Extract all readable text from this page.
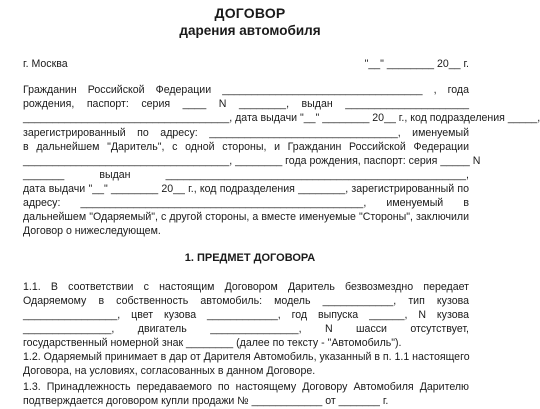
ДОГОВОР
дарения автомобиля
г. Москва	"__" ________ 20__ г.
Гражданин Российской Федерации __________________________________ , года
рождения, паспорт: серия ____ N ________, выдан _____________________
___________________________________, дата выдачи "__" ________ 20__ г., код подразделения _____,
зарегистрированный по адресу: ________________________________, именуемый
в дальнейшем "Даритель", с одной стороны, и Гражданин Российской Федерации
___________________________________, ________ года рождения, паспорт: серия _____ N
_______ выдан ___________________________________________________,
дата выдачи "__" ________ 20__ г., код подразделения ________, зарегистрированный по
адресу: ________________________________________________, именуемый в
дальнейшем "Одаряемый", с другой стороны, а вместе именуемые "Стороны", заключили
Договор о нижеследующем.
1. ПРЕДМЕТ ДОГОВОРА
1.1. В соответствии с настоящим Договором Даритель безвозмездно передает
Одаряемому в собственность автомобиль: модель ____________, тип кузова
________________, цвет кузова ____________, год выпуска ______, N кузова
_______________, двигатель _______________, N шасси отсутствует,
государственный номерной знак ________ (далее по тексту - "Автомобиль").
1.2. Одаряемый принимает в дар от Дарителя Автомобиль, указанный в п. 1.1 настоящего
Договора, на условиях, согласованных в данном Договоре.
1.3. Принадлежность передаваемого по настоящему Договору Автомобиля Дарителю
подтверждается договором купли продажи № ____________ от _______ г.
